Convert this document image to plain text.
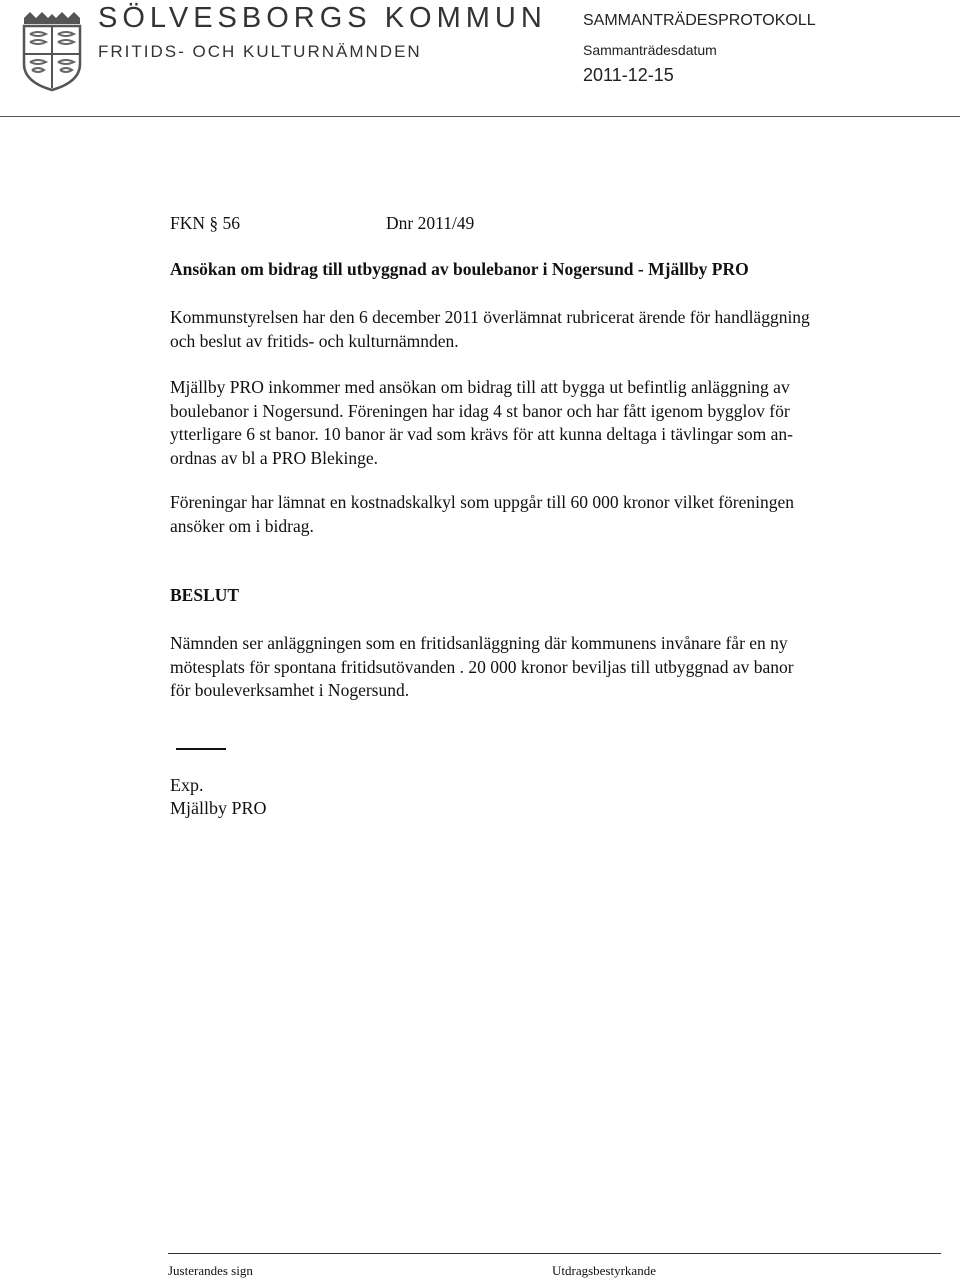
SÖLVESBORGS KOMMUN
FRITIDS- OCH KULTURNÄMNDEN
SAMMANTRÄDESPROTOKOLL
Sammanträdesdatum
2011-12-15
FKN § 56	Dnr 2011/49
Ansökan om bidrag till utbyggnad av boulebanor i Nogersund - Mjällby PRO
Kommunstyrelsen har den 6 december 2011 överlämnat rubricerat ärende för handläggning
och beslut av fritids- och kulturnämnden.
Mjällby PRO inkommer med ansökan om bidrag till att bygga ut befintlig anläggning av
boulebanor i Nogersund. Föreningen har idag 4 st banor och har fått igenom bygglov för
ytterligare 6 st banor. 10 banor är vad som krävs för att kunna deltaga i tävlingar som an-
ordnas av bl a PRO Blekinge.
Föreningar har lämnat en kostnadskalkyl som uppgår till 60 000 kronor vilket föreningen
ansöker om i bidrag.
BESLUT
Nämnden ser anläggningen som en fritidsanläggning där kommunens invånare får en ny
mötesplats för spontana fritidsutövanden . 20 000 kronor beviljas till utbyggnad av banor
för bouleverksamhet i Nogersund.
Exp.
Mjällby PRO
Justerandes sign	Utdragsbestyrkande
